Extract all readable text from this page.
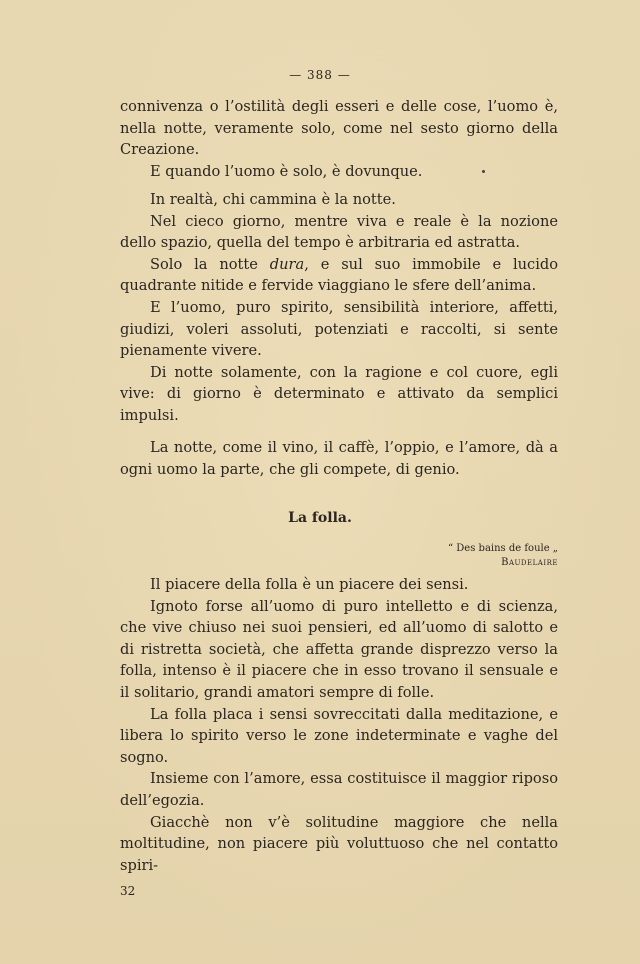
— 388 —

connivenza o l’ostilità degli esseri e delle cose, l’uomo è, nella notte, veramente solo, come nel sesto giorno della Creazione.

E quando l’uomo è solo, è dovunque.

In realtà, chi cammina è la notte.

Nel cieco giorno, mentre viva e reale è la nozione dello spazio, quella del tempo è arbitraria ed astratta.

Solo la notte dura, e sul suo immobile e lucido quadrante nitide e fervide viaggiano le sfere dell’anima.

E l’uomo, puro spirito, sensibilità interiore, affetti, giudizi, voleri assoluti, potenziati e raccolti, si sente pienamente vivere.

Di notte solamente, con la ragione e col cuore, egli vive: di giorno è determinato e attivato da semplici impulsi.

La notte, come il vino, il caffè, l’oppio, e l’amore, dà a ogni uomo la parte, che gli compete, di genio.

La folla.
“ Des bains de foule „
Baudelaire

Il piacere della folla è un piacere dei sensi.

Ignoto forse all’uomo di puro intelletto e di scienza, che vive chiuso nei suoi pensieri, ed all’uomo di salotto e di ristretta società, che affetta grande disprezzo verso la folla, intenso è il piacere che in esso trovano il sensuale e il solitario, grandi amatori sempre di folle.

La folla placa i sensi sovreccitati dalla meditazione, e libera lo spirito verso le zone indeterminate e vaghe del sogno.

Insieme con l’amore, essa costituisce il maggior riposo dell’egozia.

Giacchè non v’è solitudine maggiore che nella moltitudine, non piacere più voluttuoso che nel contatto spiri-

32
